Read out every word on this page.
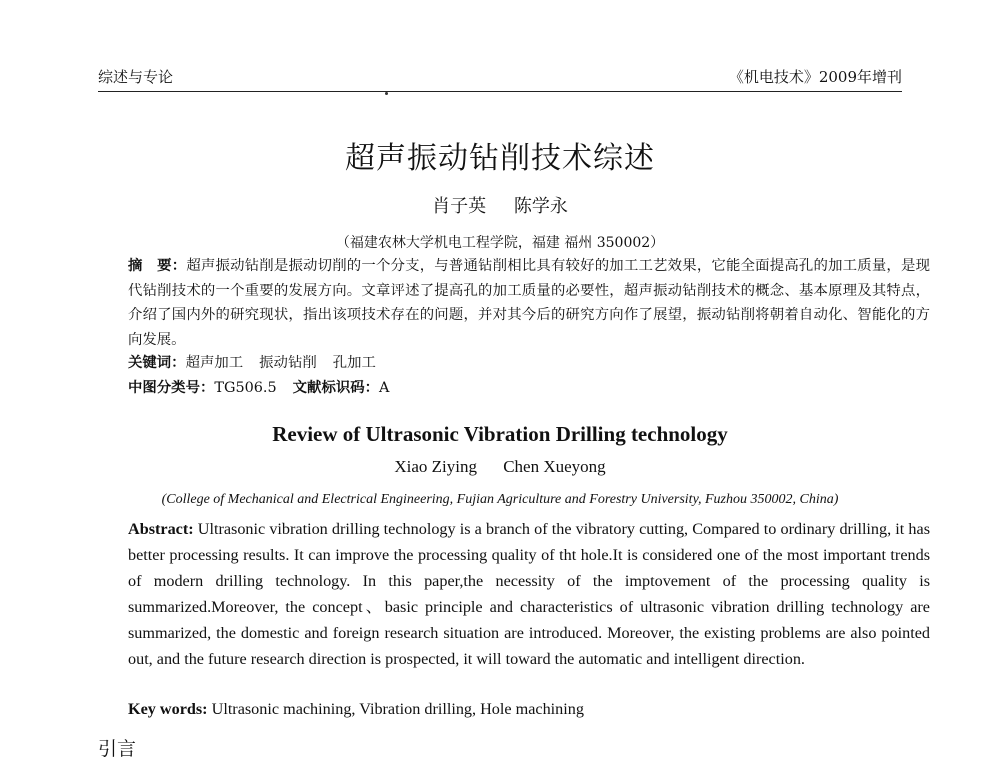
综述与专论	《机电技术》2009年增刊
超声振动钻削技术综述
肖子英 陈学永
（福建农林大学机电工程学院，福建 福州 350002）
摘　要：超声振动钻削是振动切削的一个分支，与普通钻削相比具有较好的加工工艺效果，它能全面提高孔的加工质量，是现代钻削技术的一个重要的发展方向。文章评述了提高孔的加工质量的必要性，超声振动钻削技术的概念、基本原理及其特点，介绍了国内外的研究现状，指出该项技术存在的问题，并对其今后的研究方向作了展望，振动钻削将朝着自动化、智能化的方向发展。
关键词：超声加工 振动钻削 孔加工
中图分类号：TG506.5 文献标识码：A
Review of Ultrasonic Vibration Drilling technology
Xiao Ziying Chen Xueyong
(College of Mechanical and Electrical Engineering, Fujian Agriculture and Forestry University, Fuzhou 350002, China)
Abstract: Ultrasonic vibration drilling technology is a branch of the vibratory cutting, Compared to ordinary drilling, it has better processing results. It can improve the processing quality of tht hole.It is considered one of the most important trends of modern drilling technology. In this paper,the necessity of the imptovement of the processing quality is summarized.Moreover, the concept、basic principle and characteristics of ultrasonic vibration drilling technology are summarized, the domestic and foreign research situation are introduced. Moreover, the existing problems are also pointed out, and the future research direction is prospected, it will toward the automatic and intelligent direction.
Key words: Ultrasonic machining, Vibration drilling, Hole machining
引言
